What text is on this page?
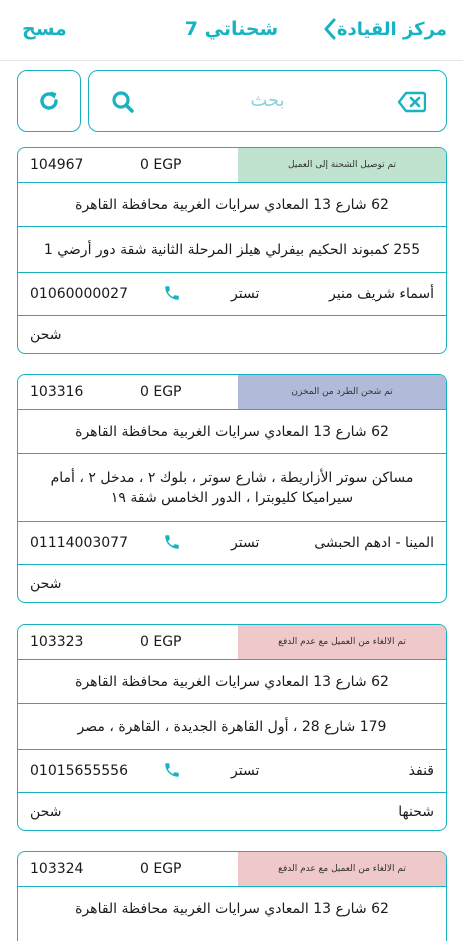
مركز القيادة
شحناتي 7
مسح
بحث
104967	0 EGP	تم توصيل الشحنة إلى العميل
62 شارع 13 المعادي سرايات الغربية محافظة القاهرة
255 كمبوند الحكيم بيفرلي هيلز المرحلة الثانية شقة دور أرضي 1
01060000027	تستر	أسماء شريف منير
شحن
103316	0 EGP	تم شحن الطرد من المخزن
62 شارع 13 المعادي سرايات الغربية محافظة القاهرة
مساكن سوتر الأزاريطة ، شارع سوتر ، بلوك ٢ ، مدخل ٢ ، أمام سيراميكا كليوبترا ، الدور الخامس شقة ١٩
01114003077	تستر	المينا - ادهم الحبشى
شحن
103323	0 EGP	تم الالغاء من العميل مع عدم الدفع
62 شارع 13 المعادي سرايات الغربية محافظة القاهرة
179 شارع 28 ، أول القاهرة الجديدة ، القاهرة ، مصر
01015655556	تستر	قنفذ
شحن	شحنها
103324	0 EGP	تم الالغاء من العميل مع عدم الدفع
62 شارع 13 المعادي سرايات الغربية محافظة القاهرة
